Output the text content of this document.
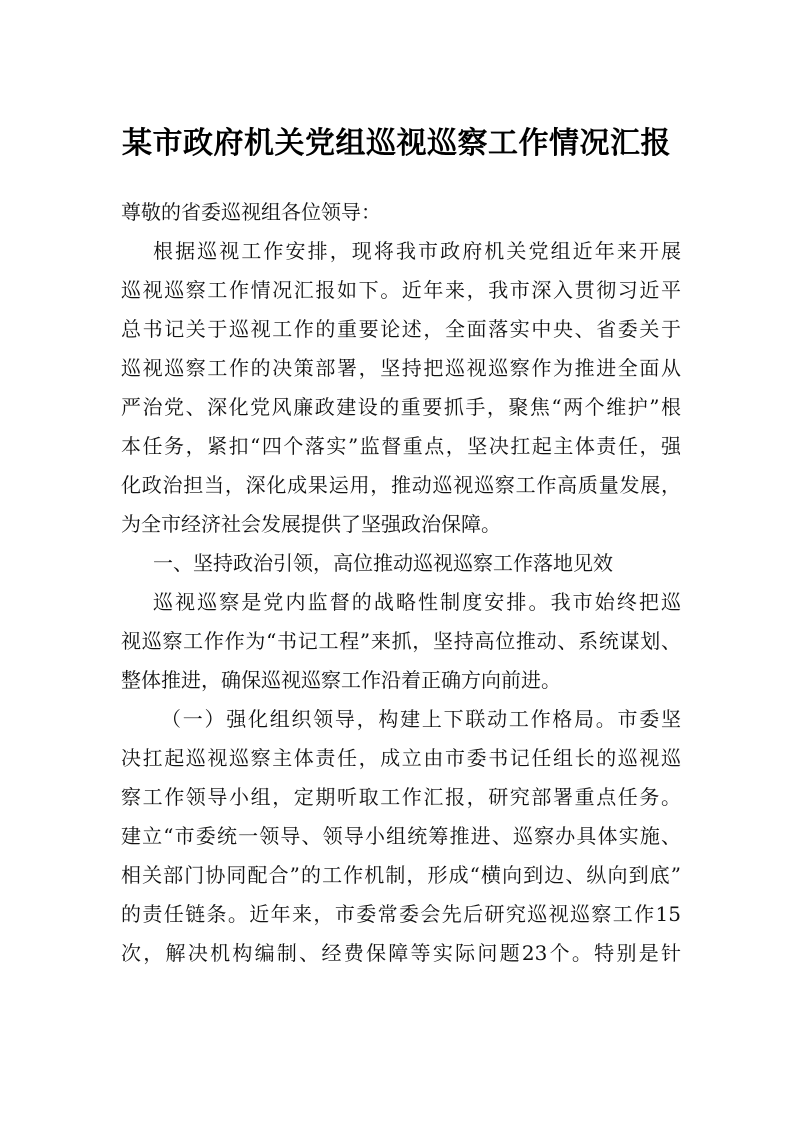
某市政府机关党组巡视巡察工作情况汇报
尊敬的省委巡视组各位领导：
根据巡视工作安排，现将我市政府机关党组近年来开展
巡视巡察工作情况汇报如下。近年来，我市深入贯彻习近平
总书记关于巡视工作的重要论述，全面落实中央、省委关于
巡视巡察工作的决策部署，坚持把巡视巡察作为推进全面从
严治党、深化党风廉政建设的重要抓手，聚焦“两个维护”根
本任务，紧扣“四个落实”监督重点，坚决扛起主体责任，强
化政治担当，深化成果运用，推动巡视巡察工作高质量发展，
为全市经济社会发展提供了坚强政治保障。
一、坚持政治引领，高位推动巡视巡察工作落地见效
巡视巡察是党内监督的战略性制度安排。我市始终把巡
视巡察工作作为“书记工程”来抓，坚持高位推动、系统谋划、
整体推进，确保巡视巡察工作沿着正确方向前进。
（一）强化组织领导，构建上下联动工作格局。市委坚
决扛起巡视巡察主体责任，成立由市委书记任组长的巡视巡
察工作领导小组，定期听取工作汇报，研究部署重点任务。
建立“市委统一领导、领导小组统筹推进、巡察办具体实施、
相关部门协同配合”的工作机制，形成“横向到边、纵向到底”
的责任链条。近年来，市委常委会先后研究巡视巡察工作15
次，解决机构编制、经费保障等实际问题23个。特别是针
